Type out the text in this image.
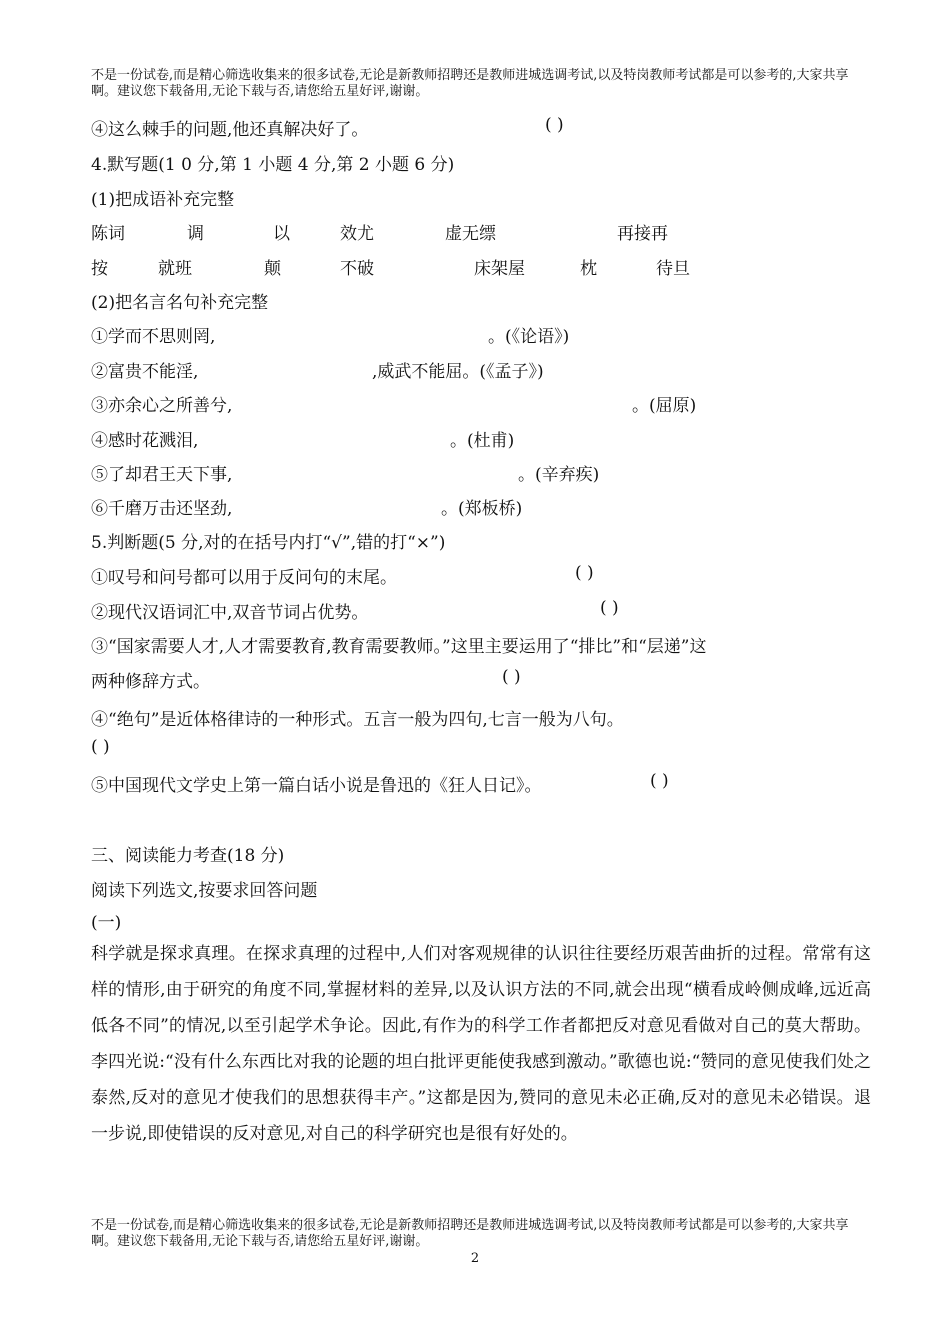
不是一份试卷,而是精心筛选收集来的很多试卷,无论是新教师招聘还是教师进城选调考试,以及特岗教师考试都是可以参考的,大家共享啊。建议您下载备用,无论下载与否,请您给五星好评,谢谢。
④这么棘手的问题,他还真解决好了。	( )
4.默写题(1 0 分,第 1 小题 4 分,第 2 小题 6 分)
(1)把成语补充完整
陈词	调	以	效尤	虚无缥	再接再
按	就班	颠	不破	床架屋	枕	待旦
(2)把名言名句补充完整
①学而不思则罔,	。(《论语》)
②富贵不能淫,	,威武不能屈。(《孟子》)
③亦余心之所善兮,	。(屈原)
④感时花溅泪,	。(杜甫)
⑤了却君王天下事,	。(辛弃疾)
⑥千磨万击还坚劲,	。(郑板桥)
5.判断题(5 分,对的在括号内打“√”,错的打“×”)
①叹号和问号都可以用于反问句的末尾。	( )
②现代汉语词汇中,双音节词占优势。	( )
③“国家需要人才,人才需要教育,教育需要教师。”这里主要运用了“排比”和“层递”这
两种修辞方式。	( )
④“绝句”是近体格律诗的一种形式。五言一般为四句,七言一般为八句。
( )
⑤中国现代文学史上第一篇白话小说是鲁迅的《狂人日记》。	( )
三、阅读能力考查(18 分)
阅读下列选文,按要求回答问题
(一)
科学就是探求真理。在探求真理的过程中,人们对客观规律的认识往往要经历艰苦曲折的过程。常常有这样的情形,由于研究的角度不同,掌握材料的差异,以及认识方法的不同,就会出现“横看成岭侧成峰,远近高低各不同”的情况,以至引起学术争论。因此,有作为的科学工作者都把反对意见看做对自己的莫大帮助。李四光说:“没有什么东西比对我的论题的坦白批评更能使我感到激动。”歌德也说:“赞同的意见使我们处之泰然,反对的意见才使我们的思想获得丰产。”这都是因为,赞同的意见未必正确,反对的意见未必错误。退一步说,即使错误的反对意见,对自己的科学研究也是很有好处的。
不是一份试卷,而是精心筛选收集来的很多试卷,无论是新教师招聘还是教师进城选调考试,以及特岗教师考试都是可以参考的,大家共享啊。建议您下载备用,无论下载与否,请您给五星好评,谢谢。
2
